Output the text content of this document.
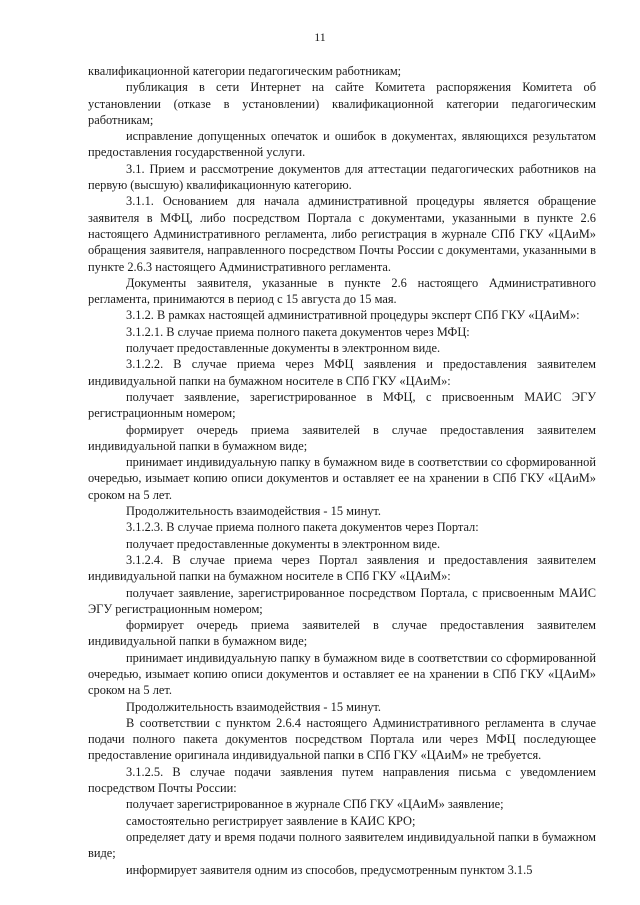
11

квалификационной категории педагогическим работникам;

публикация в сети Интернет на сайте Комитета распоряжения Комитета об установлении (отказе в установлении) квалификационной категории педагогическим работникам;

исправление допущенных опечаток и ошибок в документах, являющихся результатом предоставления государственной услуги.

3.1. Прием и рассмотрение документов для аттестации педагогических работников на первую (высшую) квалификационную категорию.

3.1.1. Основанием для начала административной процедуры является обращение заявителя в МФЦ, либо посредством Портала с документами, указанными в пункте 2.6 настоящего Административного регламента, либо регистрация в журнале СПб ГКУ «ЦАиМ» обращения заявителя, направленного посредством Почты России с документами, указанными в пункте 2.6.3 настоящего Административного регламента.

Документы заявителя, указанные в пункте 2.6 настоящего Административного регламента, принимаются в период с 15 августа до 15 мая.

3.1.2. В рамках настоящей административной процедуры эксперт СПб ГКУ «ЦАиМ»:

3.1.2.1. В случае приема полного пакета документов через МФЦ:

получает предоставленные документы в электронном виде.

3.1.2.2. В случае приема через МФЦ заявления и предоставления заявителем индивидуальной папки на бумажном носителе в СПб ГКУ «ЦАиМ»:

получает заявление, зарегистрированное в МФЦ, с присвоенным МАИС ЭГУ регистрационным номером;

формирует очередь приема заявителей в случае предоставления заявителем индивидуальной папки в бумажном виде;

принимает индивидуальную папку в бумажном виде в соответствии со сформированной очередью, изымает копию описи документов и оставляет ее на хранении в СПб ГКУ «ЦАиМ» сроком на 5 лет.

Продолжительность взаимодействия - 15 минут.

3.1.2.3. В случае приема полного пакета документов через Портал:

получает предоставленные документы в электронном виде.

3.1.2.4. В случае приема через Портал заявления и предоставления заявителем индивидуальной папки на бумажном носителе в СПб ГКУ «ЦАиМ»:

получает заявление, зарегистрированное посредством Портала, с присвоенным МАИС ЭГУ регистрационным номером;

формирует очередь приема заявителей в случае предоставления заявителем индивидуальной папки в бумажном виде;

принимает индивидуальную папку в бумажном виде в соответствии со сформированной очередью, изымает копию описи документов и оставляет ее на хранении в СПб ГКУ «ЦАиМ» сроком на 5 лет.

Продолжительность взаимодействия - 15 минут.

В соответствии с пунктом 2.6.4 настоящего Административного регламента в случае подачи полного пакета документов посредством Портала или через МФЦ последующее предоставление оригинала индивидуальной папки в СПб ГКУ «ЦАиМ» не требуется.

3.1.2.5. В случае подачи заявления путем направления письма с уведомлением посредством Почты России:

получает зарегистрированное в журнале СПб ГКУ «ЦАиМ» заявление;

самостоятельно регистрирует заявление в КАИС КРО;

определяет дату и время подачи полного заявителем индивидуальной папки в бумажном виде;

информирует заявителя одним из способов, предусмотренным пунктом 3.1.5
